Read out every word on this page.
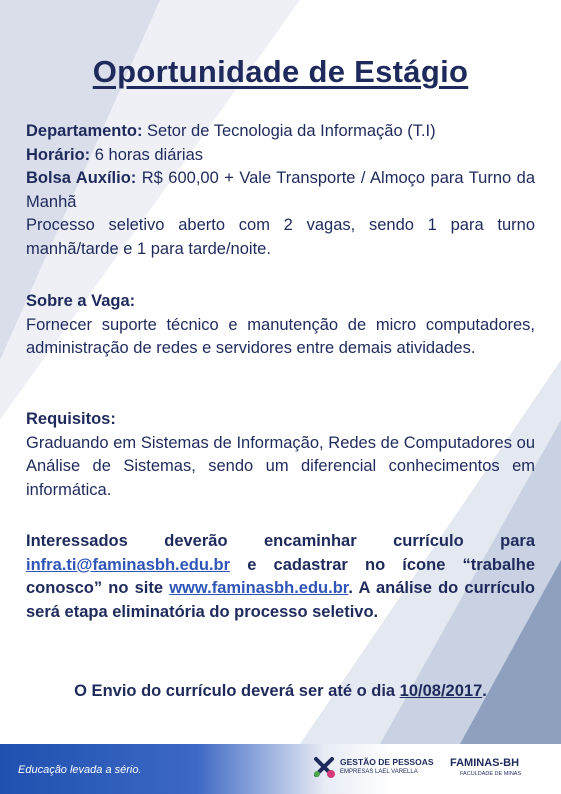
Oportunidade de Estágio
Departamento: Setor de Tecnologia da Informação (T.I)
Horário: 6 horas diárias
Bolsa Auxílio: R$ 600,00 + Vale Transporte / Almoço para Turno da Manhã
Processo seletivo aberto com 2 vagas, sendo 1 para turno manhã/tarde e 1 para tarde/noite.
Sobre a Vaga:
Fornecer suporte técnico e manutenção de micro computadores, administração de redes e servidores entre demais atividades.
Requisitos:
Graduando em Sistemas de Informação, Redes de Computadores ou Análise de Sistemas, sendo um diferencial conhecimentos em informática.
Interessados deverão encaminhar currículo para infra.ti@faminasbh.edu.br e cadastrar no ícone “trabalhe conosco” no site www.faminasbh.edu.br. A análise do currículo será etapa eliminatória do processo seletivo.
O Envio do currículo deverá ser até o dia 10/08/2017.
Educação levada a sério.
GESTÃO DE PESSOAS
EMPRESAS LAEL VARELLA
FAMINAS-BH
FACULDADE DE MINAS
